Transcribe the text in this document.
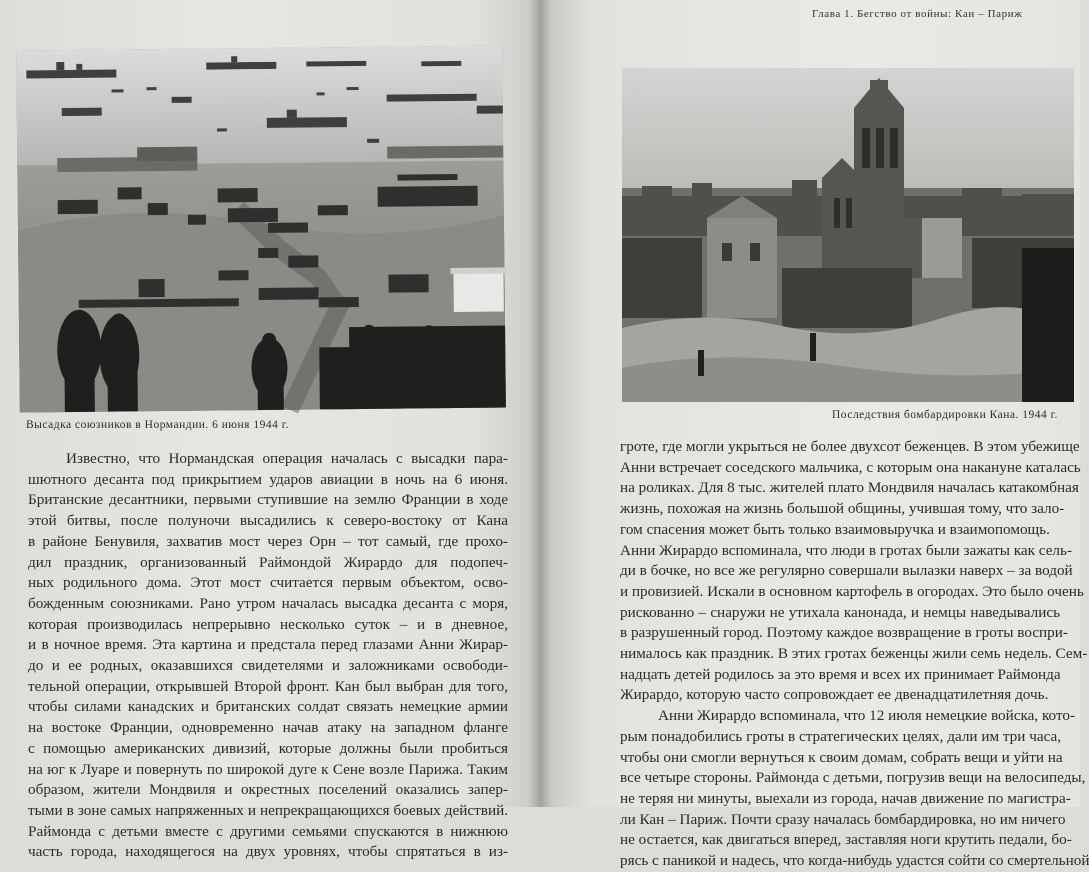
Высадка союзников в Нормандии. 6 июня 1944 г.
Известно, что Нормандская операция началась с высадки пара-
шютного десанта под прикрытием ударов авиации в ночь на 6 июня.
Британские десантники, первыми ступившие на землю Франции в ходе
этой битвы, после полуночи высадились к северо-востоку от Кана
в районе Бенувиля, захватив мост через Орн – тот самый, где прохо-
дил праздник, организованный Раймондой Жирардо для подопеч-
ных родильного дома. Этот мост считается первым объектом, осво-
божденным союзниками. Рано утром началась высадка десанта с моря,
которая производилась непрерывно несколько суток – и в дневное,
и в ночное время. Эта картина и предстала перед глазами Анни Жирар-
до и ее родных, оказавшихся свидетелями и заложниками освободи-
тельной операции, открывшей Второй фронт. Кан был выбран для того,
чтобы силами канадских и британских солдат связать немецкие армии
на востоке Франции, одновременно начав атаку на западном фланге
с помощью американских дивизий, которые должны были пробиться
на юг к Луаре и повернуть по широкой дуге к Сене возле Парижа. Таким
образом, жители Мондвиля и окрестных поселений оказались запер-
тыми в зоне самых напряженных и непрекращающихся боевых действий.
Раймонда с детьми вместе с другими семьями спускаются в нижнюю
часть города, находящегося на двух уровнях, чтобы спрятаться в из-
Глава 1. Бегство от войны: Кан – Париж
Последствия бомбардировки Кана. 1944 г.
гроте, где могли укрыться не более двухсот беженцев. В этом убежище
Анни встречает соседского мальчика, с которым она накануне каталась
на роликах. Для 8 тыс. жителей плато Мондвиля началась катакомбная
жизнь, похожая на жизнь большой общины, учившая тому, что зало-
гом спасения может быть только взаимовыручка и взаимопомощь.
Анни Жирардо вспоминала, что люди в гротах были зажаты как сель-
ди в бочке, но все же регулярно совершали вылазки наверх – за водой
и провизией. Искали в основном картофель в огородах. Это было очень
рискованно – снаружи не утихала канонада, и немцы наведывались
в разрушенный город. Поэтому каждое возвращение в гроты воспри-
нималось как праздник. В этих гротах беженцы жили семь недель. Сем-
надцать детей родилось за это время и всех их принимает Раймонда
Жирардо, которую часто сопровождает ее двенадцатилетняя дочь.
Анни Жирардо вспоминала, что 12 июля немецкие войска, кото-
рым понадобились гроты в стратегических целях, дали им три часа,
чтобы они смогли вернуться к своим домам, собрать вещи и уйти на
все четыре стороны. Раймонда с детьми, погрузив вещи на велосипеды,
не теряя ни минуты, выехали из города, начав движение по магистра-
ли Кан – Париж. Почти сразу началась бомбардировка, но им ничего
не остается, как двигаться вперед, заставляя ноги крутить педали, бо-
рясь с паникой и надесь, что когда-нибудь удастся сойти со смертельной
